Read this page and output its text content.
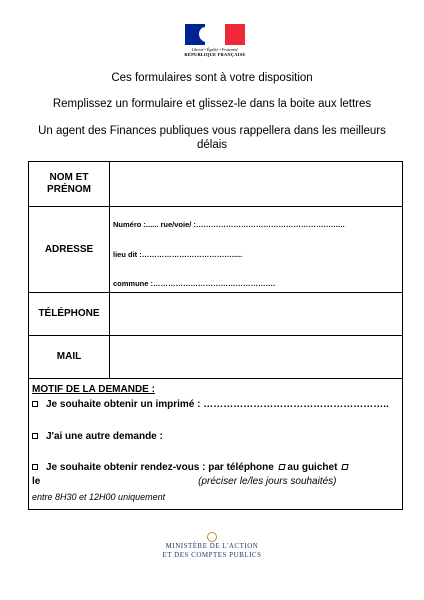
Liberté • Égalité • Fraternité
RÉPUBLIQUE FRANÇAISE
Ces formulaires sont à votre disposition
Remplissez un formulaire et glissez-le dans la boite aux lettres
Un agent des Finances publiques vous rappellera dans les meilleurs
délais
NOM ET
PRÉNOM
ADRESSE
Numéro :...... rue/voie/ :……………………………………………….…..
lieu dit :……………………………….....
commune :………………………………………….
TÉLÉPHONE
MAIL
MOTIF DE LA DEMANDE :
Je souhaite obtenir un imprimé : ………………………………………………..
J'ai une autre demande :
Je souhaite obtenir rendez-vous : par téléphone au guichet
le	(préciser le/les jours souhaités)
entre 8H30 et 12H00 uniquement
MINISTÈRE DE L'ACTION
ET DES COMPTES PUBLICS
